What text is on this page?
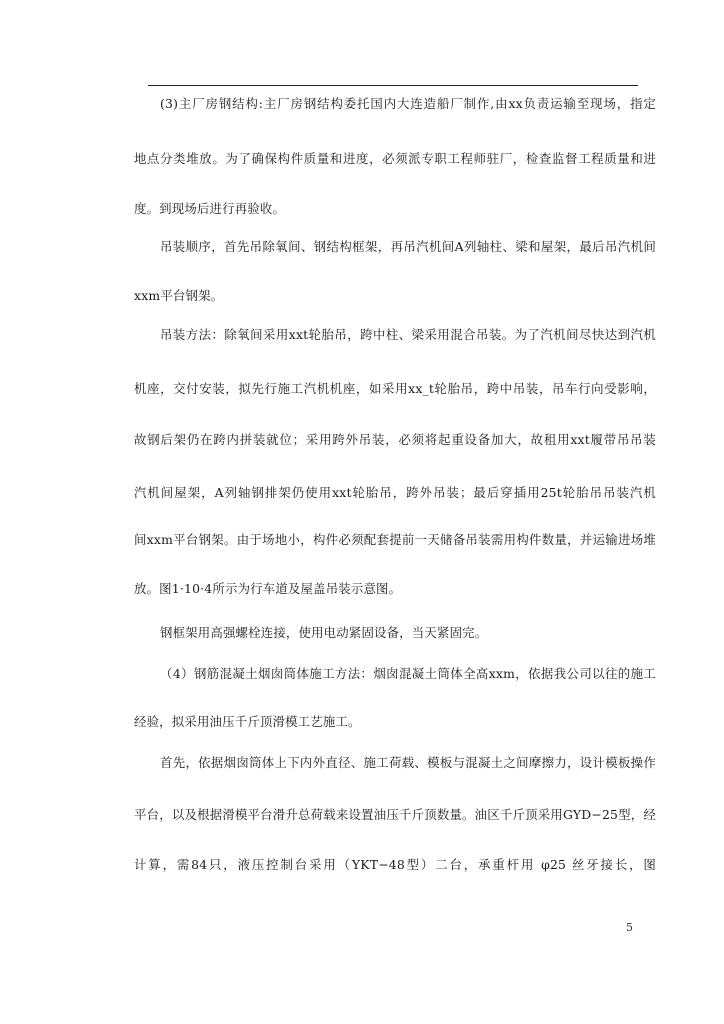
(3)主厂房钢结构:主厂房钢结构委托国内大连造船厂制作,由xx负责运输至现场，指定
地点分类堆放。为了确保构件质量和进度，必须派专职工程师驻厂，检查监督工程质量和进
度。到现场后进行再验收。
吊装顺序，首先吊除氧间、钢结构框架，再吊汽机间A列轴柱、梁和屋架，最后吊汽机间
xxm平台钢架。
吊装方法：除氧间采用xxt轮胎吊，跨中柱、梁采用混合吊装。为了汽机间尽快达到汽机
机座，交付安装，拟先行施工汽机机座，如采用xx_t轮胎吊，跨中吊装，吊车行向受影响，
故钢后架仍在跨内拼装就位；采用跨外吊装，必须将起重设备加大，故租用xxt履带吊吊装
汽机间屋架，A列轴钢排架仍使用xxt轮胎吊，跨外吊装；最后穿插用25t轮胎吊吊装汽机
间xxm平台钢架。由于场地小，构件必须配套提前一天储备吊装需用构件数量，并运输进场堆
放。图1·10·4所示为行车道及屋盖吊装示意图。
钢框架用高强螺栓连接，使用电动紧固设备，当天紧固完。
（4）钢筋混凝土烟囱筒体施工方法：烟囱混凝土筒体全高xxm，依据我公司以往的施工
经验，拟采用油压千斤顶滑模工艺施工。
首先，依据烟囱筒体上下内外直径、施工荷载、模板与混凝土之间摩擦力，设计模板操作
平台，以及根据滑模平台滑升总荷载来设置油压千斤顶数量。油区千斤顶采用GYD−25型，经
计算，需84只，液压控制台采用（YKT−48型）二台，承重杆用 φ25 丝牙接长，图
5
